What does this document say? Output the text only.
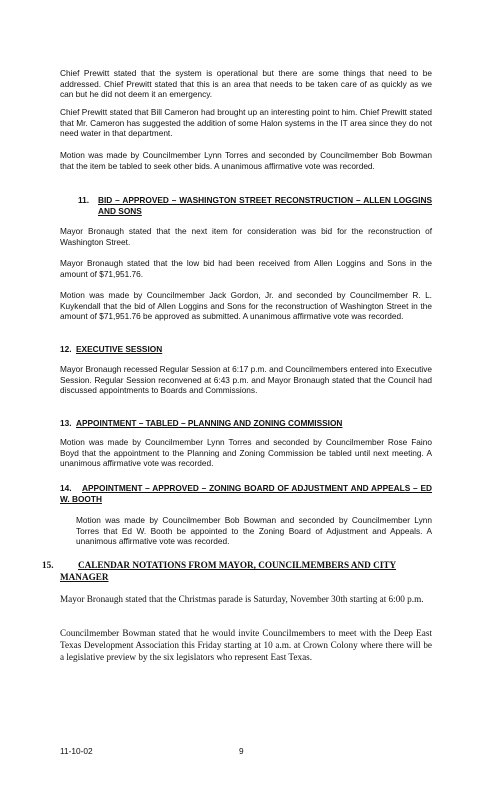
Chief Prewitt stated that the system is operational but there are some things that need to be addressed. Chief Prewitt stated that this is an area that needs to be taken care of as quickly as we can but he did not deem it an emergency.

Chief Prewitt stated that Bill Cameron had brought up an interesting point to him. Chief Prewitt stated that Mr. Cameron has suggested the addition of some Halon systems in the IT area since they do not need water in that department.

Motion was made by Councilmember Lynn Torres and seconded by Councilmember Bob Bowman that the item be tabled to seek other bids. A unanimous affirmative vote was recorded.

11. BID – APPROVED – WASHINGTON STREET RECONSTRUCTION – ALLEN LOGGINS AND SONS

Mayor Bronaugh stated that the next item for consideration was bid for the reconstruction of Washington Street.

Mayor Bronaugh stated that the low bid had been received from Allen Loggins and Sons in the amount of $71,951.76.

Motion was made by Councilmember Jack Gordon, Jr. and seconded by Councilmember R. L. Kuykendall that the bid of Allen Loggins and Sons for the reconstruction of Washington Street in the amount of $71,951.76 be approved as submitted. A unanimous affirmative vote was recorded.

12. EXECUTIVE SESSION

Mayor Bronaugh recessed Regular Session at 6:17 p.m. and Councilmembers entered into Executive Session. Regular Session reconvened at 6:43 p.m. and Mayor Bronaugh stated that the Council had discussed appointments to Boards and Commissions.

13. APPOINTMENT – TABLED – PLANNING AND ZONING COMMISSION

Motion was made by Councilmember Lynn Torres and seconded by Councilmember Rose Faino Boyd that the appointment to the Planning and Zoning Commission be tabled until next meeting. A unanimous affirmative vote was recorded.

14.	APPOINTMENT – APPROVED – ZONING BOARD OF ADJUSTMENT AND APPEALS – ED W. BOOTH

Motion was made by Councilmember Bob Bowman and seconded by Councilmember Lynn Torres that Ed W. Booth be appointed to the Zoning Board of Adjustment and Appeals. A unanimous affirmative vote was recorded.

15.	CALENDAR NOTATIONS FROM MAYOR, COUNCILMEMBERS AND CITY MANAGER

Mayor Bronaugh stated that the Christmas parade is Saturday, November 30th starting at 6:00 p.m.

Councilmember Bowman stated that he would invite Councilmembers to meet with the Deep East Texas Development Association this Friday starting at 10 a.m. at Crown Colony where there will be a legislative preview by the six legislators who represent East Texas.

11-10-02	9
